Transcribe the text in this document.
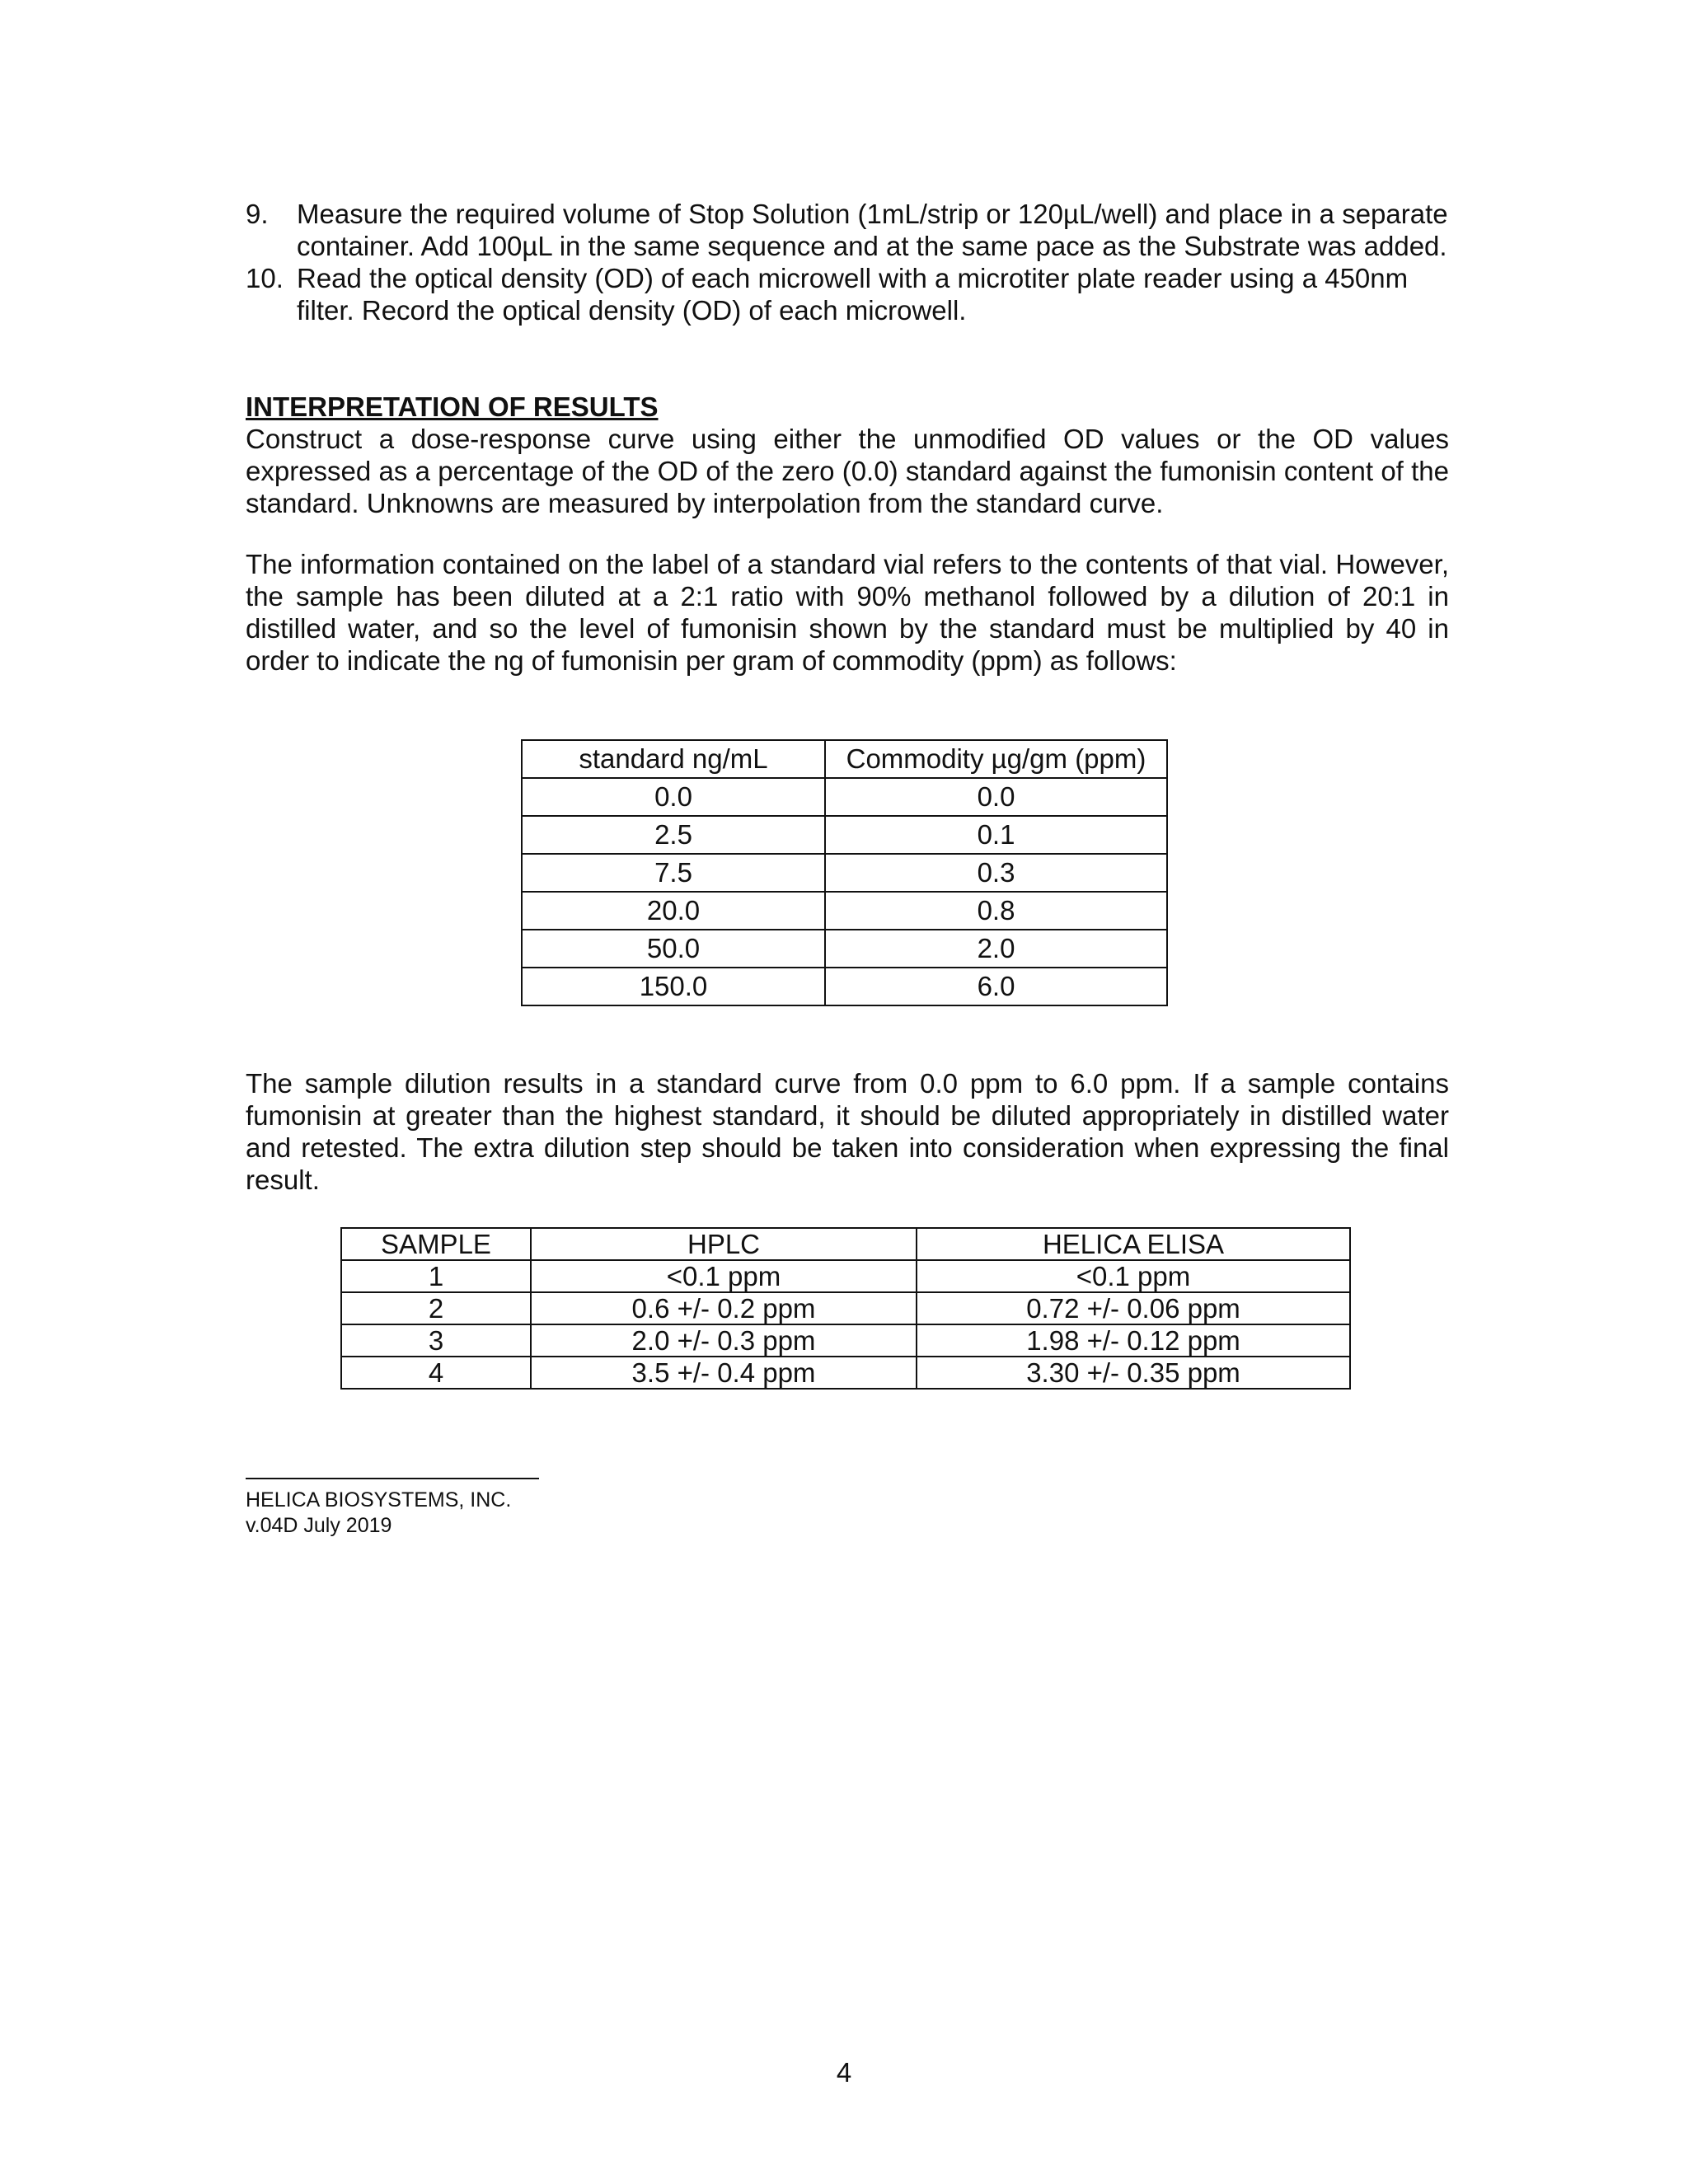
9.	Measure the required volume of Stop Solution (1mL/strip or 120µL/well) and place in a separate container. Add 100µL in the same sequence and at the same pace as the Substrate was added.
10. Read the optical density (OD) of each microwell with a microtiter plate reader using a 450nm filter. Record the optical density (OD) of each microwell.
INTERPRETATION OF RESULTS
Construct a dose-response curve using either the unmodified OD values or the OD values expressed as a percentage of the OD of the zero (0.0) standard against the fumonisin content of the standard. Unknowns are measured by interpolation from the standard curve.
The information contained on the label of a standard vial refers to the contents of that vial. However, the sample has been diluted at a 2:1 ratio with 90% methanol followed by a dilution of 20:1 in distilled water, and so the level of fumonisin shown by the standard must be multiplied by 40 in order to indicate the ng of fumonisin per gram of commodity (ppm) as follows:
standard ng/mL	Commodity µg/gm (ppm)
0.0	0.0
2.5	0.1
7.5	0.3
20.0	0.8
50.0	2.0
150.0	6.0
The sample dilution results in a standard curve from 0.0 ppm to 6.0 ppm. If a sample contains fumonisin at greater than the highest standard, it should be diluted appropriately in distilled water and retested. The extra dilution step should be taken into consideration when expressing the final result.
SAMPLE	HPLC	HELICA ELISA
1	<0.1 ppm	<0.1 ppm
2	0.6 +/- 0.2 ppm	0.72 +/- 0.06 ppm
3	2.0 +/- 0.3 ppm	1.98 +/- 0.12 ppm
4	3.5 +/- 0.4 ppm	3.30 +/- 0.35 ppm
HELICA BIOSYSTEMS, INC.
v.04D July 2019
4
